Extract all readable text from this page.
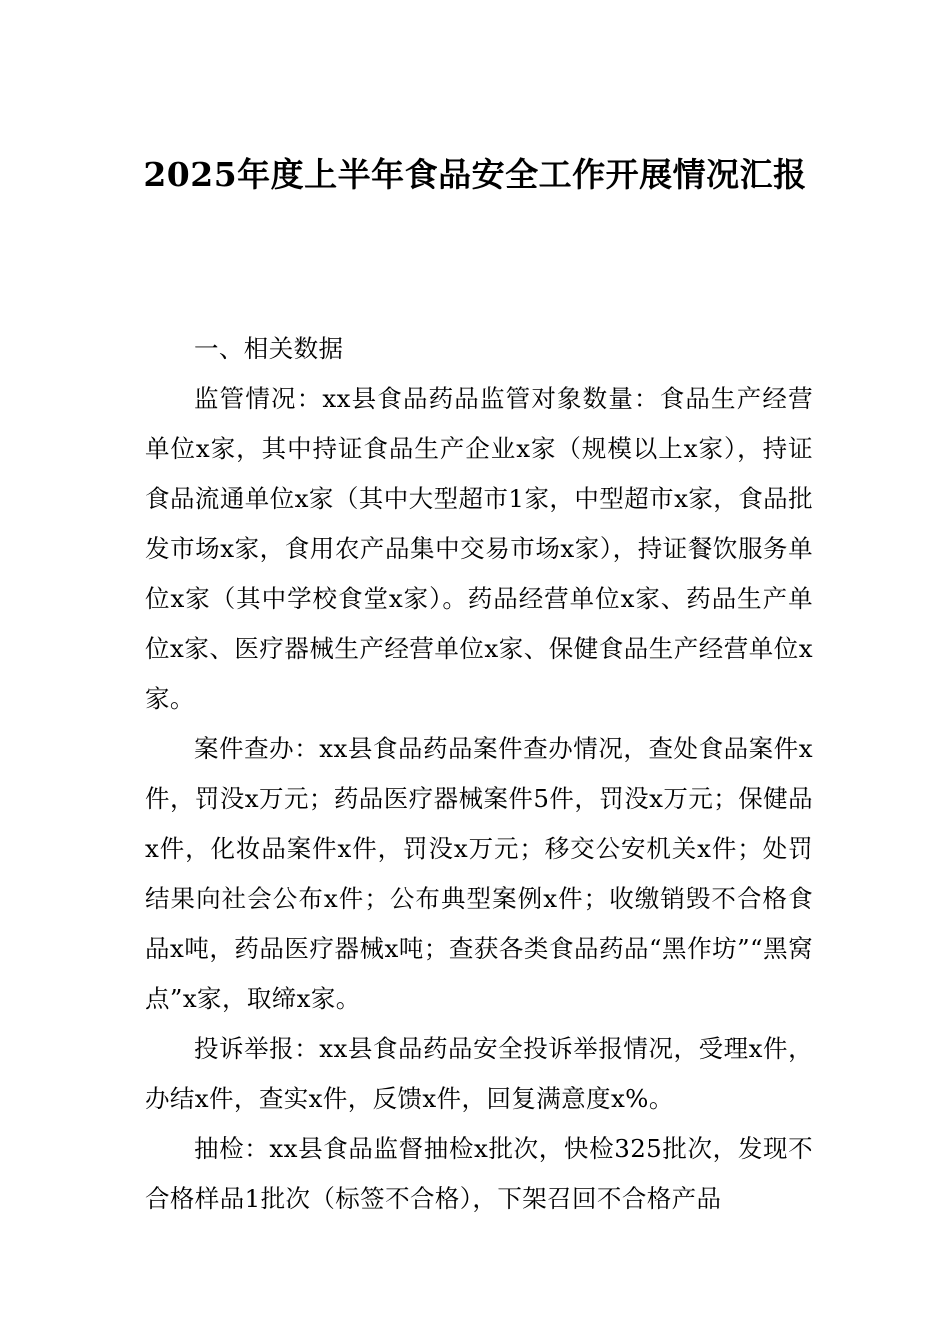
2025年度上半年食品安全工作开展情况汇报

一、相关数据

监管情况：xx县食品药品监管对象数量：食品生产经营单位x家，其中持证食品生产企业x家（规模以上x家），持证食品流通单位x家（其中大型超市1家，中型超市x家，食品批发市场x家，食用农产品集中交易市场x家），持证餐饮服务单位x家（其中学校食堂x家）。药品经营单位x家、药品生产单位x家、医疗器械生产经营单位x家、保健食品生产经营单位x家。

案件查办：xx县食品药品案件查办情况，查处食品案件x件，罚没x万元；药品医疗器械案件5件，罚没x万元；保健品x件，化妆品案件x件，罚没x万元；移交公安机关x件；处罚结果向社会公布x件；公布典型案例x件；收缴销毁不合格食品x吨，药品医疗器械x吨；查获各类食品药品“黑作坊”“黑窝点”x家，取缔x家。

投诉举报：xx县食品药品安全投诉举报情况，受理x件，办结x件，查实x件，反馈x件，回复满意度x%。

抽检：xx县食品监督抽检x批次，快检325批次，发现不合格样品1批次（标签不合格），下架召回不合格产品
